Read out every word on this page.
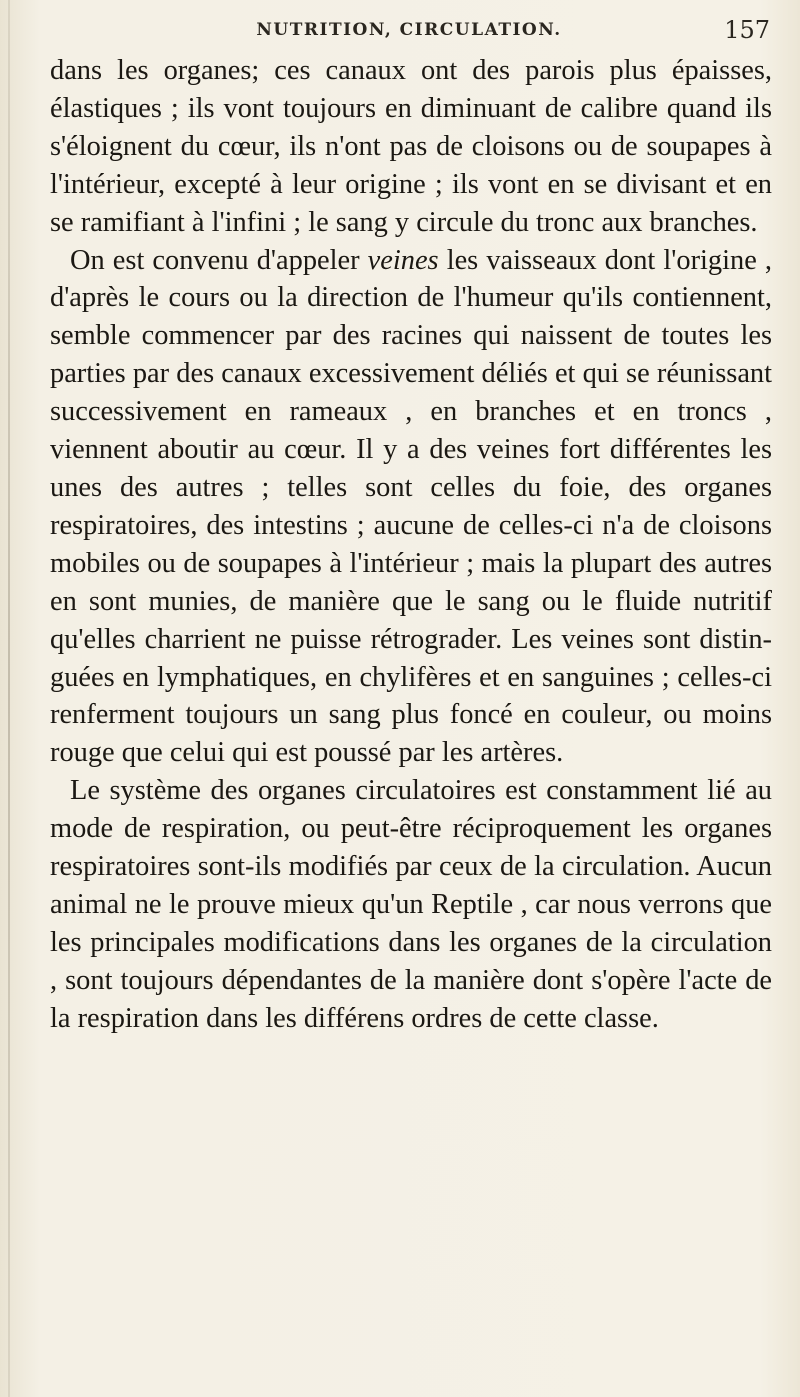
NUTRITION, CIRCULATION.	157

dans les organes; ces canaux ont des parois plus épaisses, élastiques ; ils vont toujours en diminuant de calibre quand ils s'éloignent du cœur, ils n'ont pas de cloisons ou de soupapes à l'intérieur, excepté à leur origine ; ils vont en se divisant et en se ramifiant à l'infini ; le sang y circule du tronc aux branches.

On est convenu d'appeler veines les vaisseaux dont l'origine , d'après le cours ou la direction de l'humeur qu'ils contiennent, semble commencer par des racines qui naissent de toutes les parties par des canaux excessivement déliés et qui se réunissant successivement en rameaux , en branches et en troncs , viennent aboutir au cœur. Il y a des veines fort différentes les unes des autres ; telles sont celles du foie, des organes respiratoires, des intestins ; aucune de celles-ci n'a de cloisons mobiles ou de soupapes à l'intérieur ; mais la plupart des autres en sont munies, de manière que le sang ou le fluide nutritif qu'elles charrient ne puisse rétrograder. Les veines sont distinguées en lymphatiques, en chylifères et en sanguines ; celles-ci renferment toujours un sang plus foncé en couleur, ou moins rouge que celui qui est poussé par les artères.

Le système des organes circulatoires est constamment lié au mode de respiration, ou peut-être réciproquement les organes respiratoires sont-ils modifiés par ceux de la circulation. Aucun animal ne le prouve mieux qu'un Reptile , car nous verrons que les principales modifications dans les organes de la circulation , sont toujours dépendantes de la manière dont s'opère l'acte de la respiration dans les différens ordres de cette classe.
